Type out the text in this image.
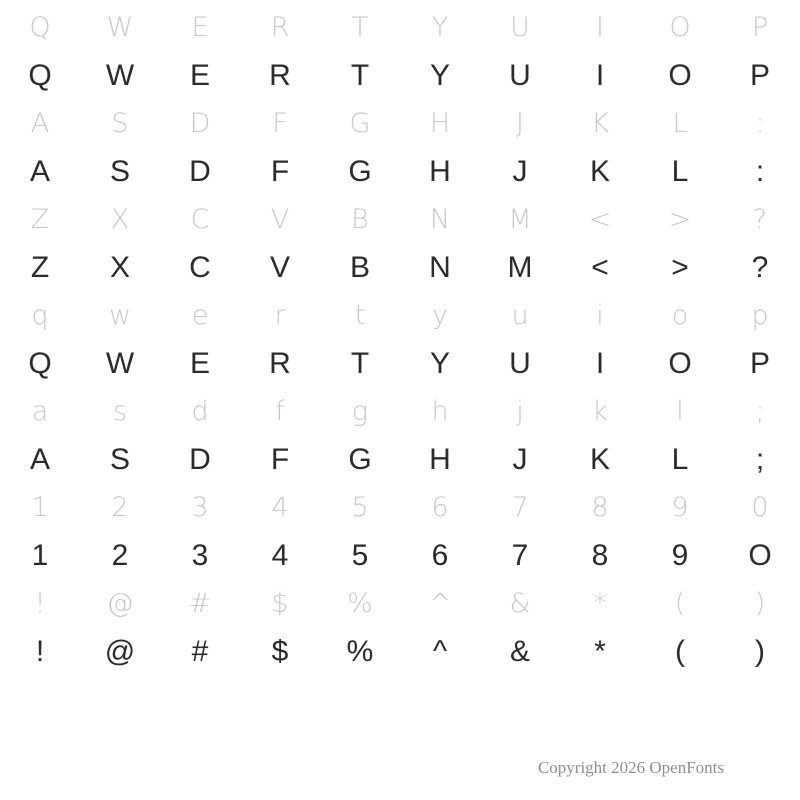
Q	W	E	R	T	Y	U	I	O	P
Q	W	E	R	T	Y	U	I	O	P
A	S	D	F	G	H	J	K	L	:
A	S	D	F	G	H	J	K	L	:
Z	X	C	V	B	N	M	<	>	?
Z	X	C	V	B	N	M	<	>	?
q	w	e	r	t	y	u	i	o	p
Q	W	E	R	T	Y	U	I	O	P
a	s	d	f	g	h	j	k	l	;
A	S	D	F	G	H	J	K	L	;
1	2	3	4	5	6	7	8	9	0
1	2	3	4	5	6	7	8	9	O
!	@	#	$	%	^	&	*	(	)
!	@	#	$	%	^	&	*	(	)
Copyright 2026 OpenFonts
